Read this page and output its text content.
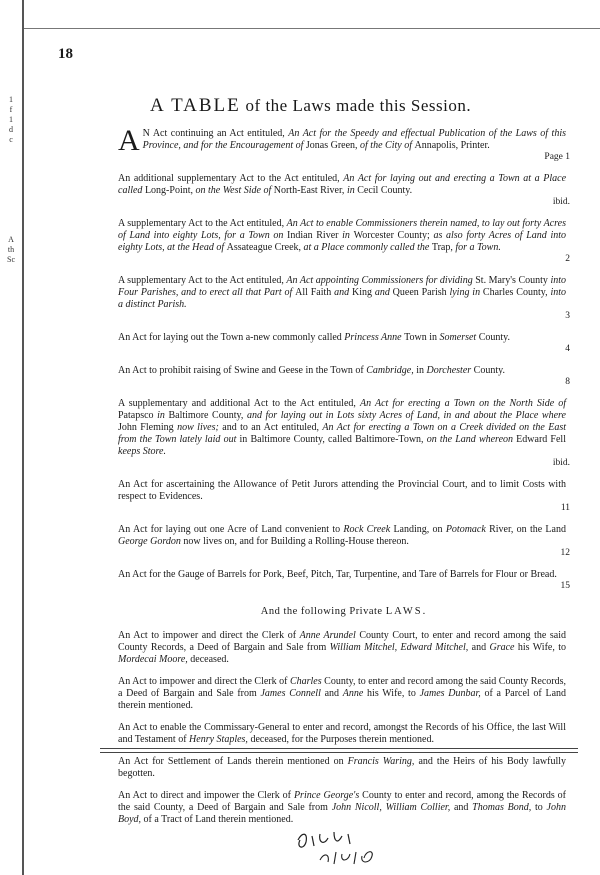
1
f
1
d
c
A
th
Sc
18
A TABLE of the Laws made this Session.
A N Act continuing an Act entituled, An Act for the Speedy and effectual Publication of the Laws of this Province, and for the Encouragement of Jonas Green, of the City of Annapolis, Printer.
Page 1
An additional supplementary Act to the Act entituled, An Act for laying out and erecting a Town at a Place called Long-Point, on the West Side of North-East River, in Cecil County.
ibid.
A supplementary Act to the Act entituled, An Act to enable Commissioners therein named, to lay out forty Acres of Land into eighty Lots, for a Town on Indian River in Worcester County; as also forty Acres of Land into eighty Lots, at the Head of Assateague Creek, at a Place commonly called the Trap, for a Town.
2
A supplementary Act to the Act entituled, An Act appointing Commissioners for dividing St. Mary's County into Four Parishes, and to erect all that Part of All Faith and King and Queen Parish lying in Charles County, into a distinct Parish.
3
An Act for laying out the Town a-new commonly called Princess Anne Town in Somerset County.
4
An Act to prohibit raising of Swine and Geese in the Town of Cambridge, in Dorchester County.
8
A supplementary and additional Act to the Act entituled, An Act for erecting a Town on the North Side of Patapsco in Baltimore County, and for laying out in Lots sixty Acres of Land, in and about the Place where John Fleming now lives; and to an Act entituled, An Act for erecting a Town on a Creek divided on the East from the Town lately laid out in Baltimore County, called Baltimore-Town, on the Land whereon Edward Fell keeps Store.
ibid.
An Act for ascertaining the Allowance of Petit Jurors attending the Provincial Court, and to limit Costs with respect to Evidences.
11
An Act for laying out one Acre of Land convenient to Rock Creek Landing, on Potomack River, on the Land George Gordon now lives on, and for Building a Rolling-House thereon.
12
An Act for the Gauge of Barrels for Pork, Beef, Pitch, Tar, Turpentine, and Tare of Barrels for Flour or Bread.
15
And the following Private LAWS.
An Act to impower and direct the Clerk of Anne Arundel County Court, to enter and record among the said County Records, a Deed of Bargain and Sale from William Mitchel, Edward Mitchel, and Grace his Wife, to Mordecai Moore, deceased.
An Act to impower and direct the Clerk of Charles County, to enter and record among the said County Records, a Deed of Bargain and Sale from James Connell and Anne his Wife, to James Dunbar, of a Parcel of Land therein mentioned.
An Act to enable the Commissary-General to enter and record, amongst the Records of his Office, the last Will and Testament of Henry Staples, deceased, for the Purposes therein mentioned.
An Act for Settlement of Lands therein mentioned on Francis Waring, and the Heirs of his Body lawfully begotten.
An Act to direct and impower the Clerk of Prince George's County to enter and record, among the Records of the said County, a Deed of Bargain and Sale from John Nicoll, William Collier, and Thomas Bond, to John Boyd, of a Tract of Land therein mentioned.
